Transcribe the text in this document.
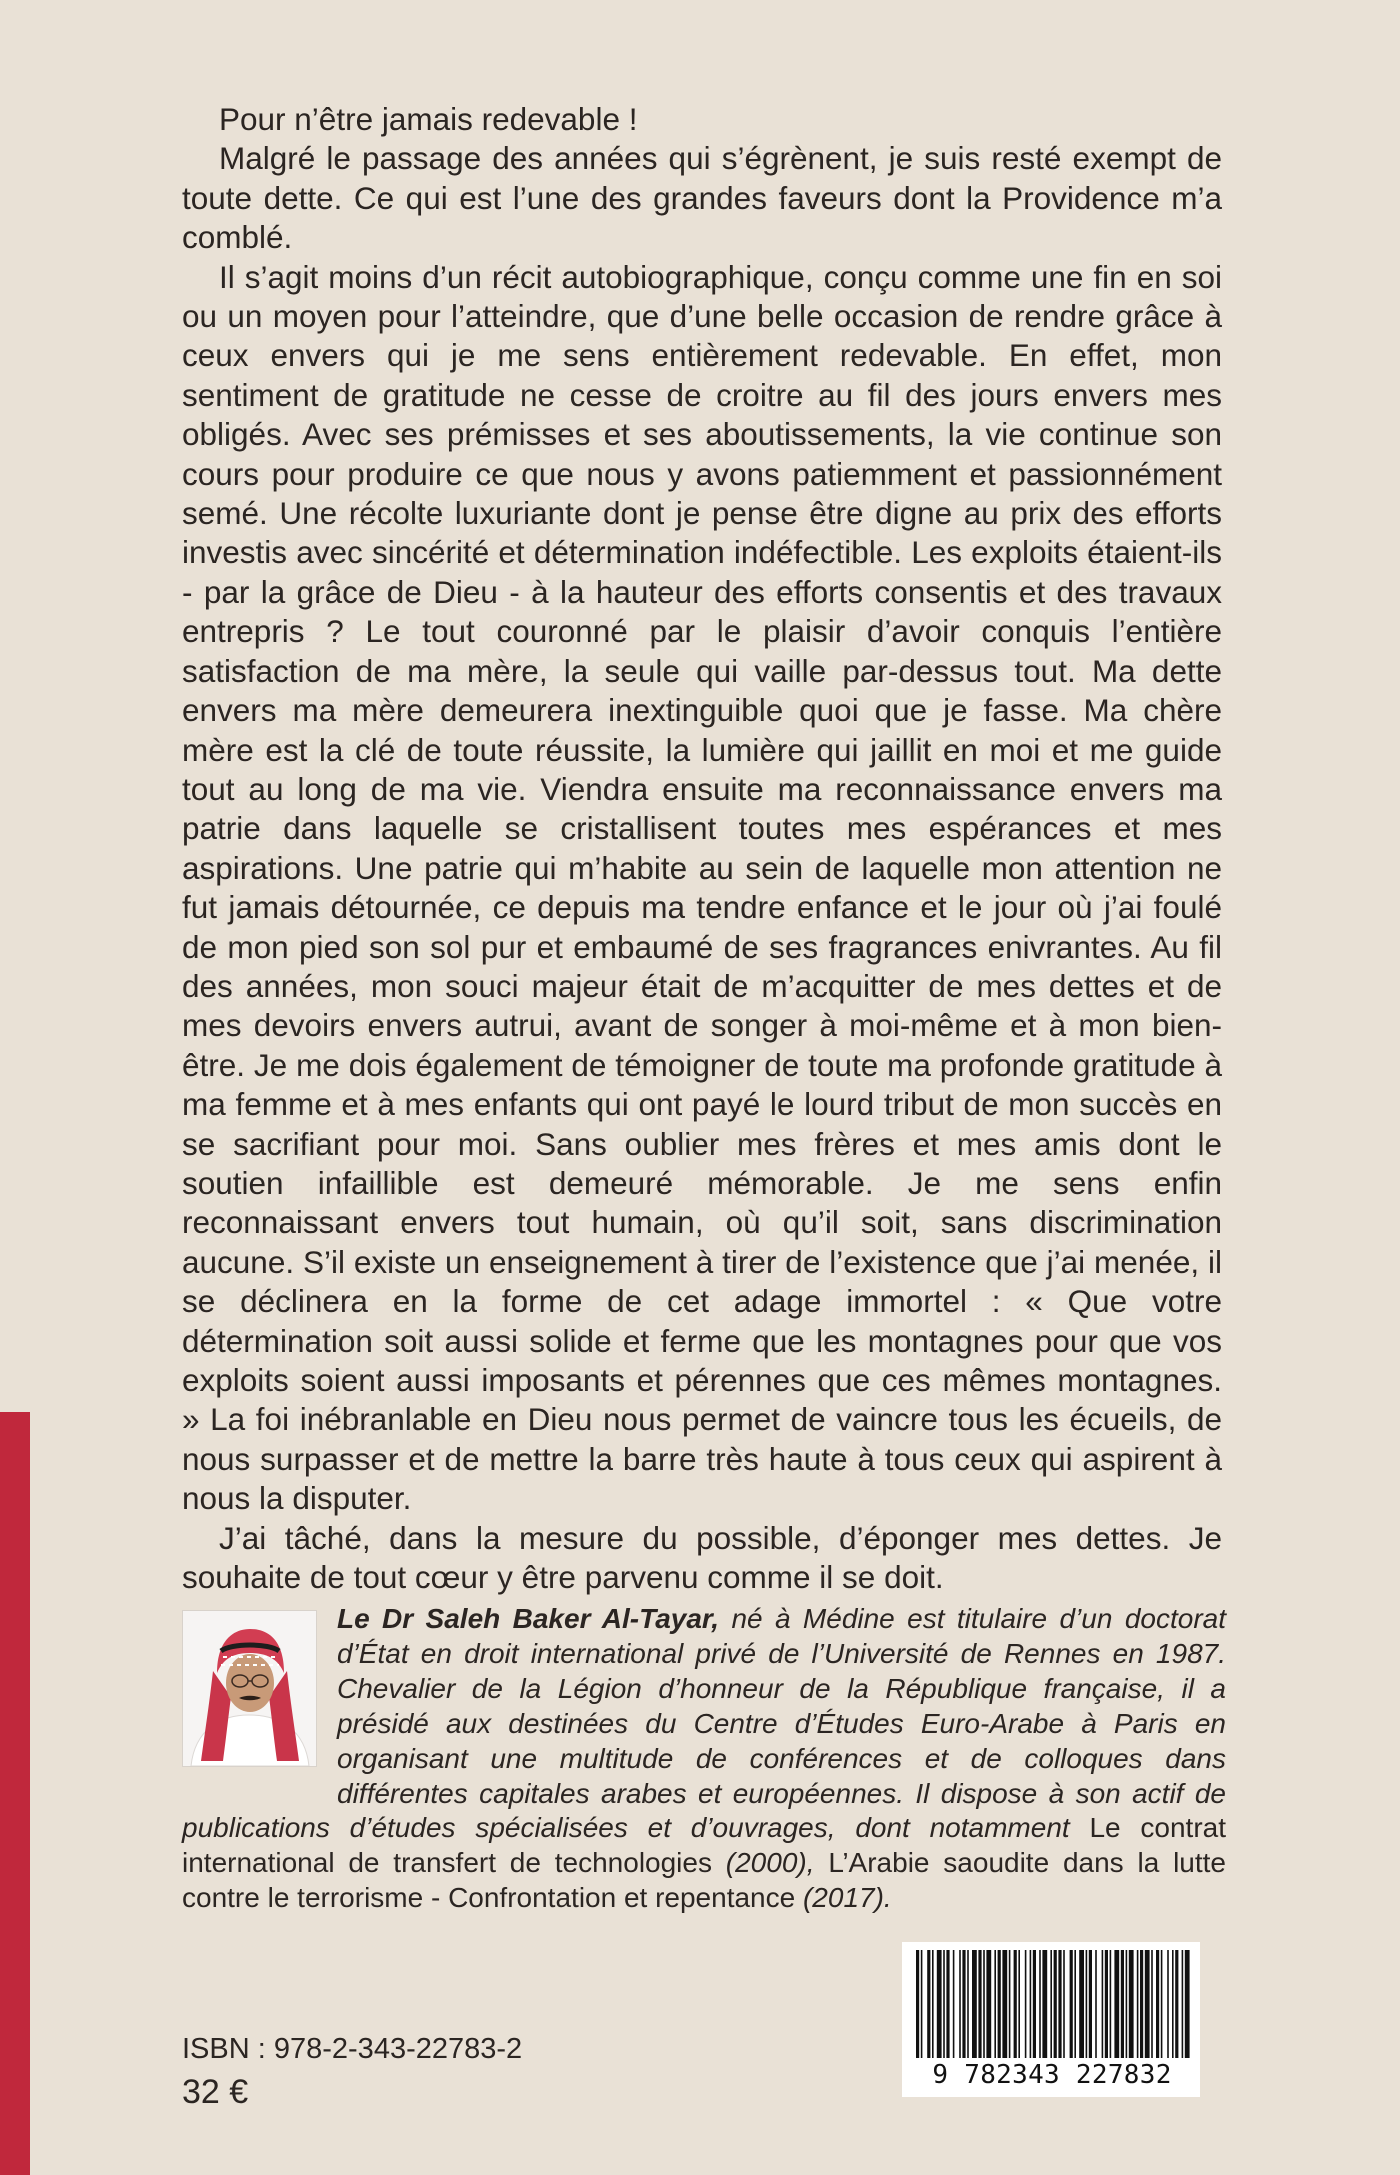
Pour n’être jamais redevable !

Malgré le passage des années qui s’égrènent, je suis resté exempt de toute dette. Ce qui est l’une des grandes faveurs dont la Providence m’a comblé.

Il s’agit moins d’un récit autobiographique, conçu comme une fin en soi ou un moyen pour l’atteindre, que d’une belle occasion de rendre grâce à ceux envers qui je me sens entièrement redevable. En effet, mon sentiment de gratitude ne cesse de croitre au fil des jours envers mes obligés. Avec ses prémisses et ses aboutissements, la vie continue son cours pour produire ce que nous y avons patiemment et passionnément semé. Une récolte luxuriante dont je pense être digne au prix des efforts investis avec sincérité et détermination indéfectible. Les exploits étaient-ils - par la grâce de Dieu - à la hauteur des efforts consentis et des travaux entrepris ? Le tout couronné par le plaisir d’avoir conquis l’entière satisfaction de ma mère, la seule qui vaille par-dessus tout. Ma dette envers ma mère demeurera inextinguible quoi que je fasse. Ma chère mère est la clé de toute réussite, la lumière qui jaillit en moi et me guide tout au long de ma vie. Viendra ensuite ma reconnaissance envers ma patrie dans laquelle se cristallisent toutes mes espérances et mes aspirations. Une patrie qui m’habite au sein de laquelle mon attention ne fut jamais détournée, ce depuis ma tendre enfance et le jour où j’ai foulé de mon pied son sol pur et embaumé de ses fragrances enivrantes. Au fil des années, mon souci majeur était de m’acquitter de mes dettes et de mes devoirs envers autrui, avant de songer à moi-même et à mon bien-être. Je me dois également de témoigner de toute ma profonde gratitude à ma femme et à mes enfants qui ont payé le lourd tribut de mon succès en se sacrifiant pour moi. Sans oublier mes frères et mes amis dont le soutien infaillible est demeuré mémorable. Je me sens enfin reconnaissant envers tout humain, où qu’il soit, sans discrimination aucune. S’il existe un enseignement à tirer de l’existence que j’ai menée, il se déclinera en la forme de cet adage immortel : « Que votre détermination soit aussi solide et ferme que les montagnes pour que vos exploits soient aussi imposants et pérennes que ces mêmes montagnes. » La foi inébranlable en Dieu nous permet de vaincre tous les écueils, de nous surpasser et de mettre la barre très haute à tous ceux qui aspirent à nous la disputer.

J’ai tâché, dans la mesure du possible, d’éponger mes dettes. Je souhaite de tout cœur y être parvenu comme il se doit.

Le Dr Saleh Baker Al-Tayar, né à Médine est titulaire d’un doctorat d’État en droit international privé de l’Université de Rennes en 1987. Chevalier de la Légion d’honneur de la République française, il a présidé aux destinées du Centre d’Études Euro-Arabe à Paris en organisant une multitude de conférences et de colloques dans différentes capitales arabes et européennes. Il dispose à son actif de publications d’études spécialisées et d’ouvrages, dont notamment Le contrat international de transfert de technologies (2000), L’Arabie saoudite dans la lutte contre le terrorisme - Confrontation et repentance (2017).
9 782343 227832
ISBN : 978-2-343-22783-2
32 €
